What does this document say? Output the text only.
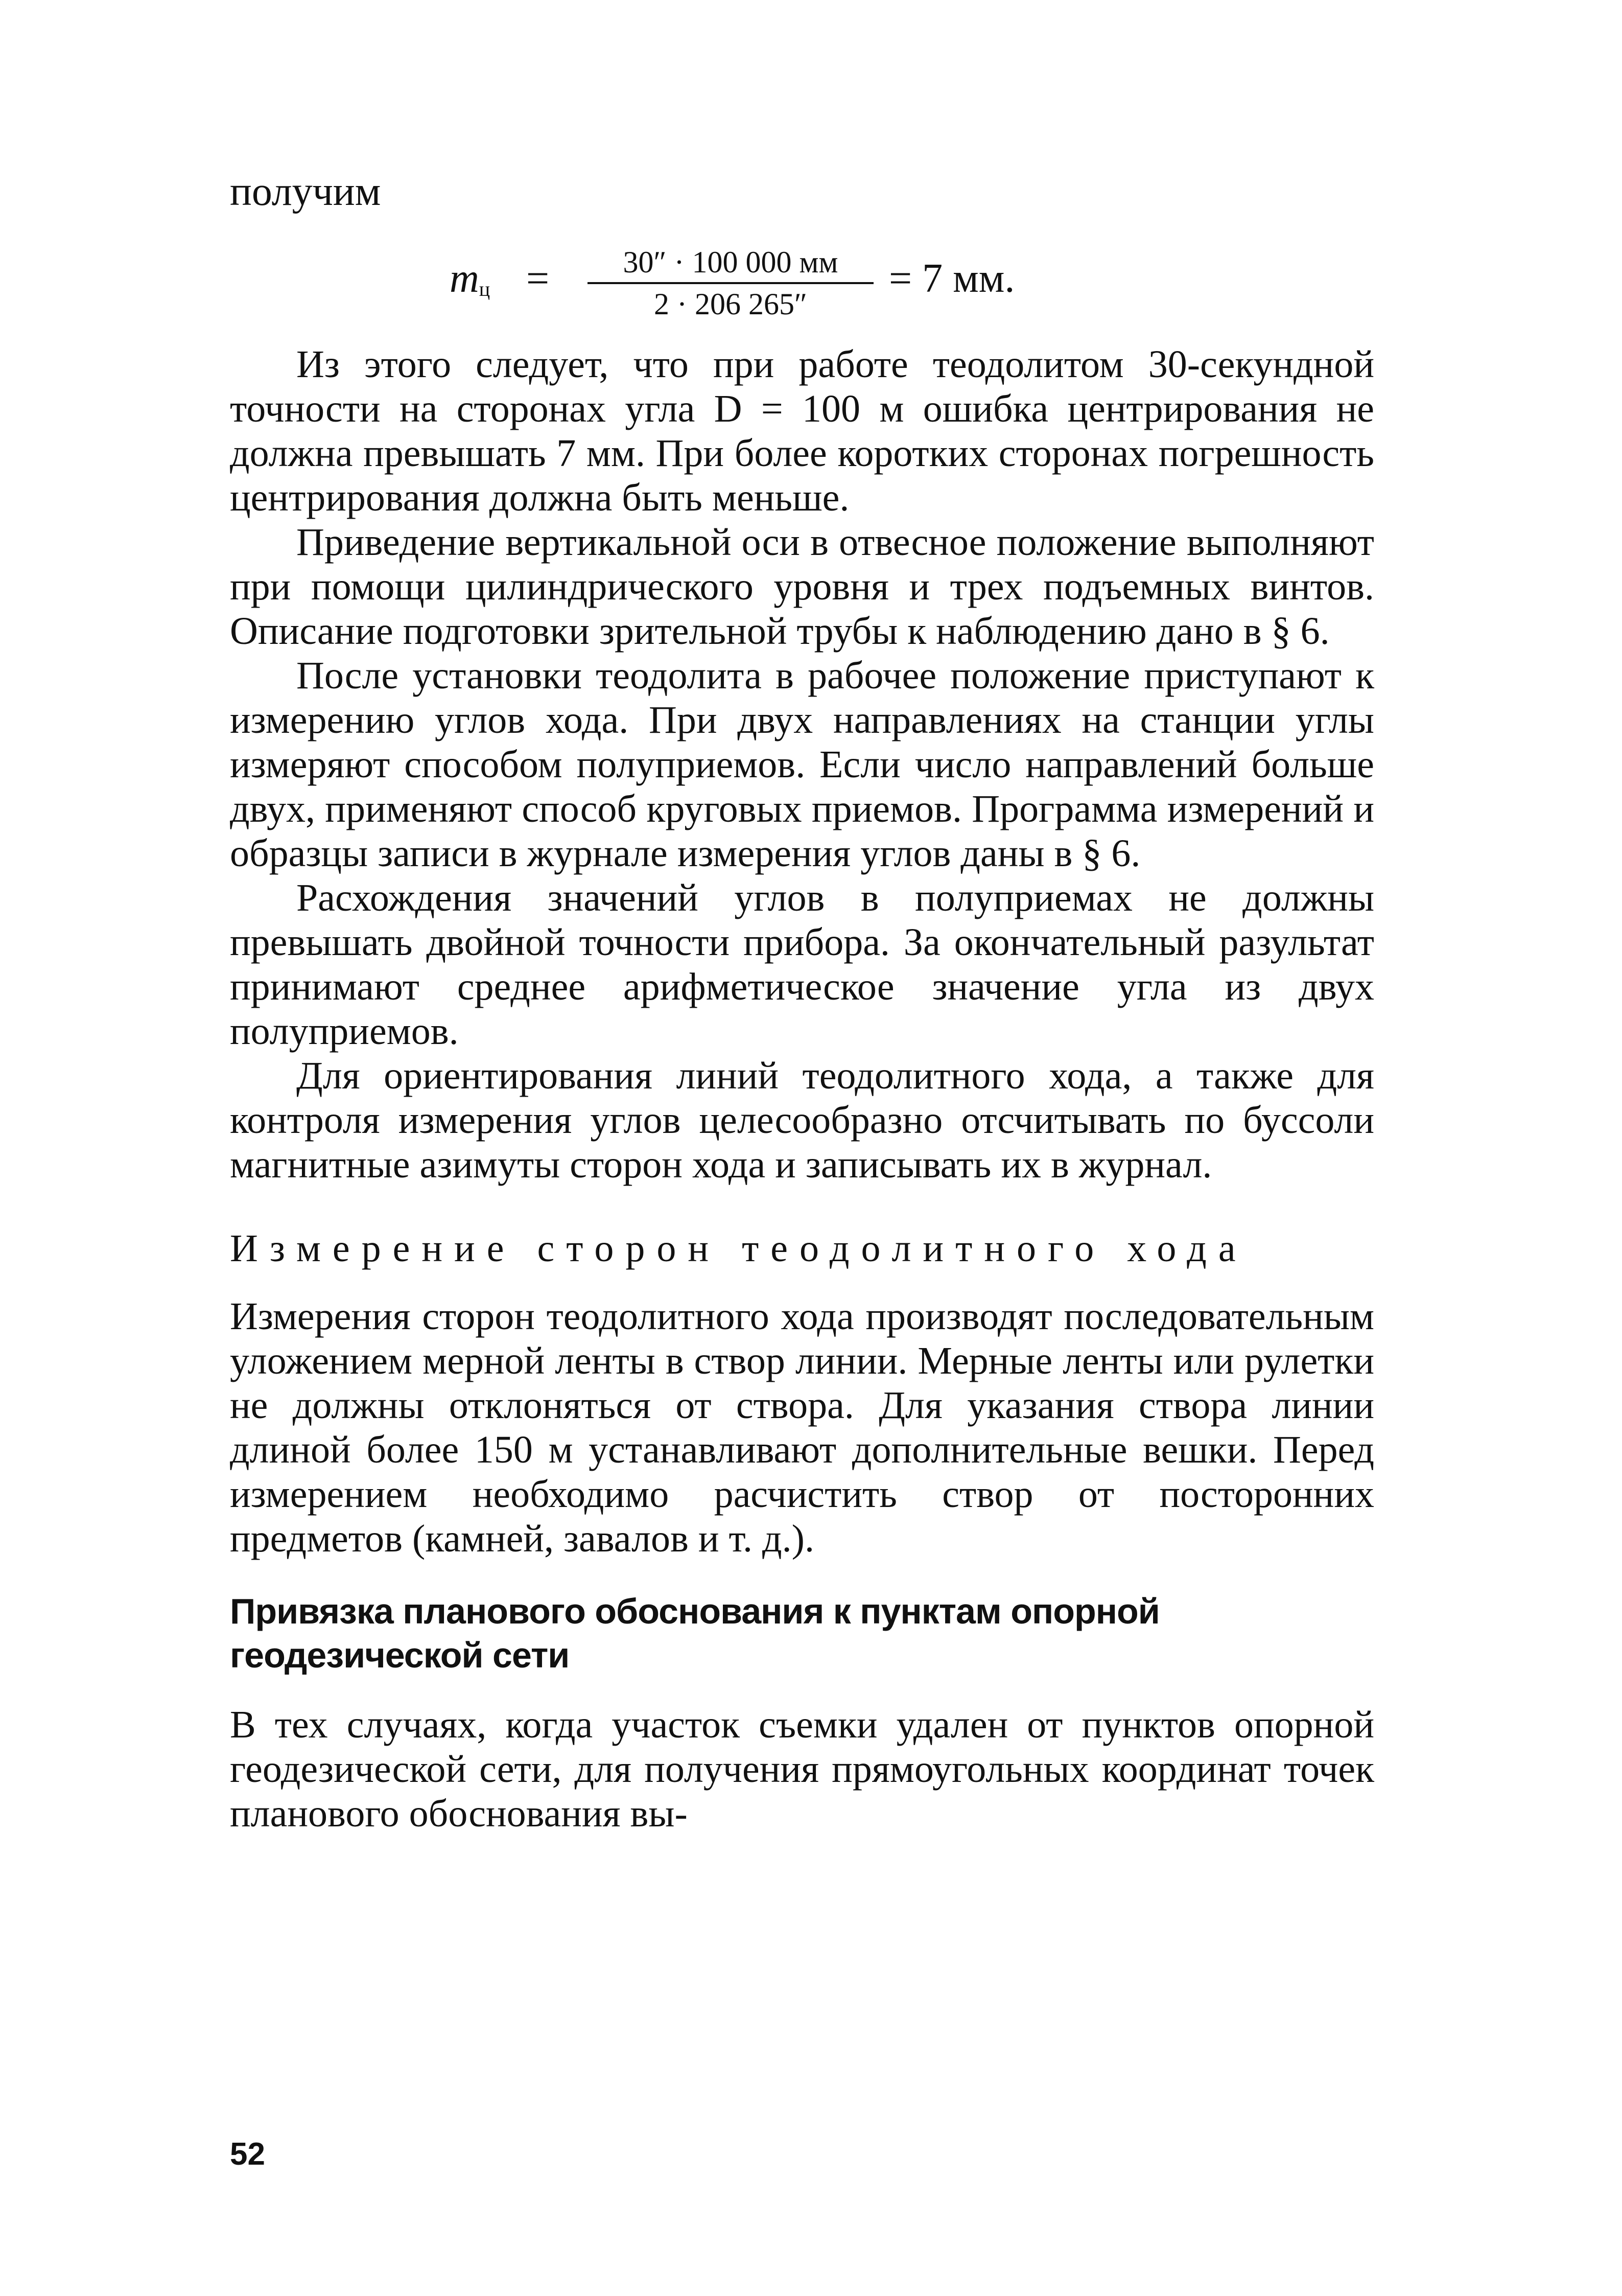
получим

$m_ц$ =	30″ · 100 000 мм
2 · 206 265″
= 7 мм.

Из этого следует, что при работе теодолитом 30-секундной точности на сторонах угла D = 100 м ошибка центрирования не должна превышать 7 мм. При более коротких сторонах погрешность центрирования должна быть меньше.

Приведение вертикальной оси в отвесное положение выполняют при помощи цилиндрического уровня и трех подъемных винтов. Описание подготовки зрительной трубы к наблюдению дано в § 6.

После установки теодолита в рабочее положение приступают к измерению углов хода. При двух направлениях на станции углы измеряют способом полуприемов. Если число направлений больше двух, применяют способ круговых приемов. Программа измерений и образцы записи в журнале измерения углов даны в § 6.

Расхождения значений углов в полуприемах не должны превышать двойной точности прибора. За окончательный разультат принимают среднее арифметическое значение угла из двух полуприемов.

Для ориентирования линий теодолитного хода, а также для контроля измерения углов целесообразно отсчитывать по буссоли магнитные азимуты сторон хода и записывать их в журнал.

Измерение сторон теодолитного хода

Измерения сторон теодолитного хода производят последовательным уложением мерной ленты в створ линии. Мерные ленты или рулетки не должны отклоняться от створа. Для указания створа линии длиной более 150 м устанавливают дополнительные вешки. Перед измерением необходимо расчистить створ от посторонних предметов (камней, завалов и т. д.).

Привязка планового обоснования к пунктам опорной геодезической сети

В тех случаях, когда участок съемки удален от пунктов опорной геодезической сети, для получения прямоугольных координат точек планового обоснования вы-

52
